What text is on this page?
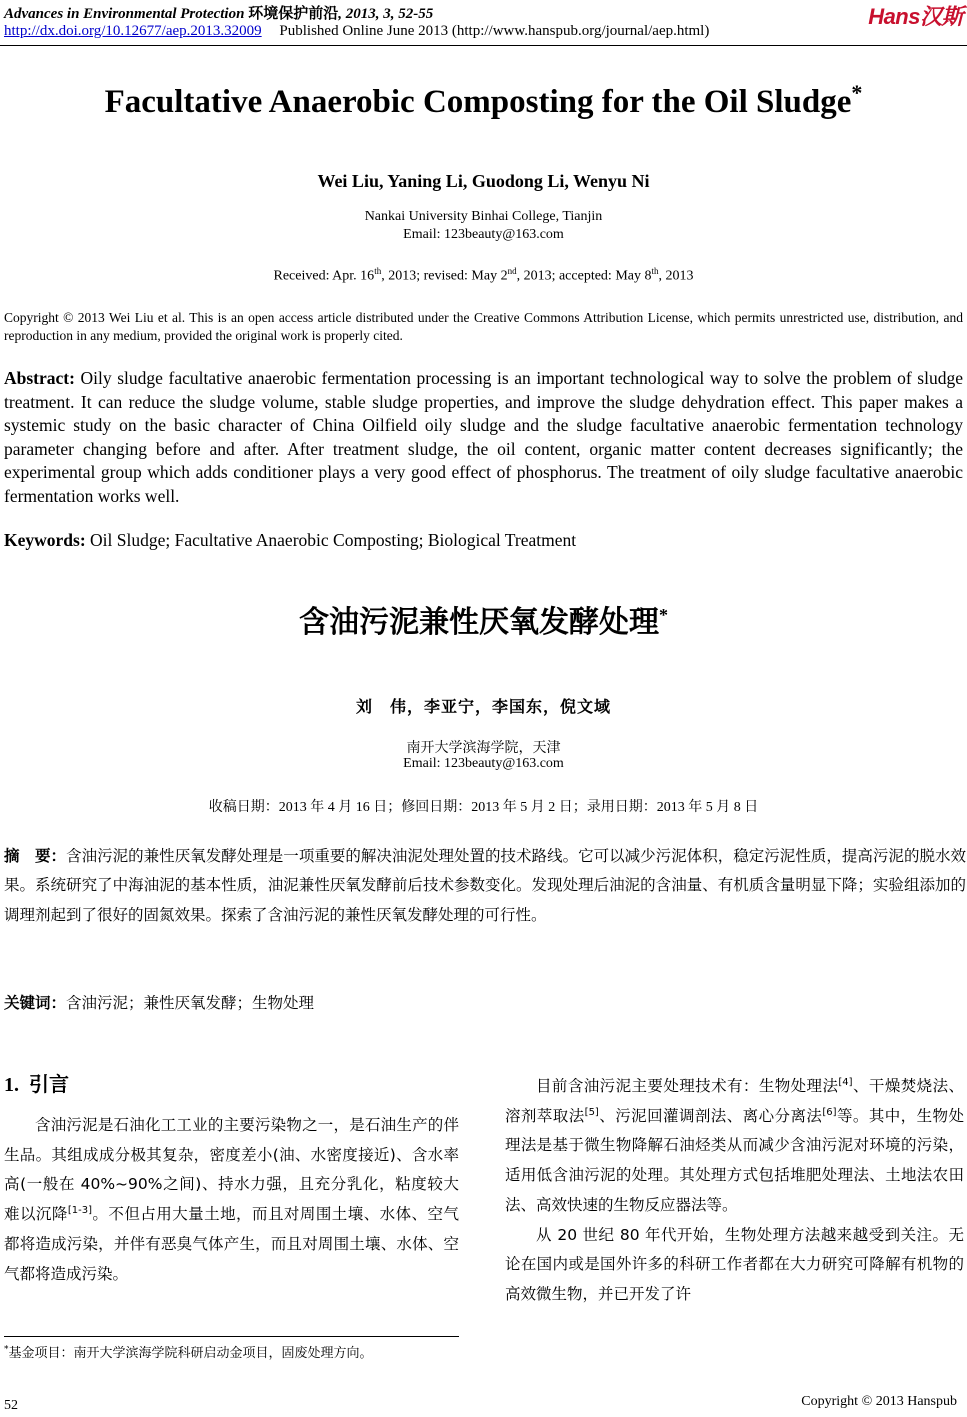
Advances in Environmental Protection 环境保护前沿, 2013, 3, 52-55	Hans汉斯
http://dx.doi.org/10.12677/aep.2013.32009 Published Online June 2013 (http://www.hanspub.org/journal/aep.html)
Facultative Anaerobic Composting for the Oil Sludge*
Wei Liu, Yaning Li, Guodong Li, Wenyu Ni
Nankai University Binhai College, Tianjin
Email: 123beauty@163.com
Received: Apr. 16th, 2013; revised: May 2nd, 2013; accepted: May 8th, 2013
Copyright © 2013 Wei Liu et al. This is an open access article distributed under the Creative Commons Attribution License, which permits unrestricted use, distribution, and reproduction in any medium, provided the original work is properly cited.
Abstract: Oily sludge facultative anaerobic fermentation processing is an important technological way to solve the problem of sludge treatment. It can reduce the sludge volume, stable sludge properties, and improve the sludge dehydration effect. This paper makes a systemic study on the basic character of China Oilfield oily sludge and the sludge facultative anaerobic fermentation technology parameter changing before and after. After treatment sludge, the oil content, organic matter content decreases significantly; the experimental group which adds conditioner plays a very good effect of phosphorus. The treatment of oily sludge facultative anaerobic fermentation works well.
Keywords: Oil Sludge; Facultative Anaerobic Composting; Biological Treatment
含油污泥兼性厌氧发酵处理*
刘　伟，李亚宁，李国东，倪文域
南开大学滨海学院，天津
Email: 123beauty@163.com
收稿日期：2013 年 4 月 16 日；修回日期：2013 年 5 月 2 日；录用日期：2013 年 5 月 8 日
摘　要：含油污泥的兼性厌氧发酵处理是一项重要的解决油泥处理处置的技术路线。它可以减少污泥体积，稳定污泥性质，提高污泥的脱水效果。系统研究了中海油泥的基本性质，油泥兼性厌氧发酵前后技术参数变化。发现处理后油泥的含油量、有机质含量明显下降；实验组添加的调理剂起到了很好的固氮效果。探索了含油污泥的兼性厌氧发酵处理的可行性。
关键词：含油污泥；兼性厌氧发酵；生物处理
1. 引言

含油污泥是石油化工工业的主要污染物之一，是石油生产的伴生品。其组成成分极其复杂，密度差小(油、水密度接近)、含水率高(一般在 40%~90%之间)、持水力强，且充分乳化，粘度较大难以沉降[1-3]。不但占用大量土地，而且对周围土壤、水体、空气都将造成污染，并伴有恶臭气体产生，而且对周围土壤、水体、空气都将造成污染。

目前含油污泥主要处理技术有：生物处理法[4]、干燥焚烧法、溶剂萃取法[5]、污泥回灌调剖法、离心分离法[6]等。其中，生物处理法是基于微生物降解石油烃类从而减少含油污泥对环境的污染，适用低含油污泥的处理。其处理方式包括堆肥处理法、土地法农田法、高效快速的生物反应器法等。

从 20 世纪 80 年代开始，生物处理方法越来越受到关注。无论在国内或是国外许多的科研工作者都在大力研究可降解有机物的高效微生物，并已开发了许

*基金项目：南开大学滨海学院科研启动金项目，固废处理方向。
52	Copyright © 2013 Hanspub
